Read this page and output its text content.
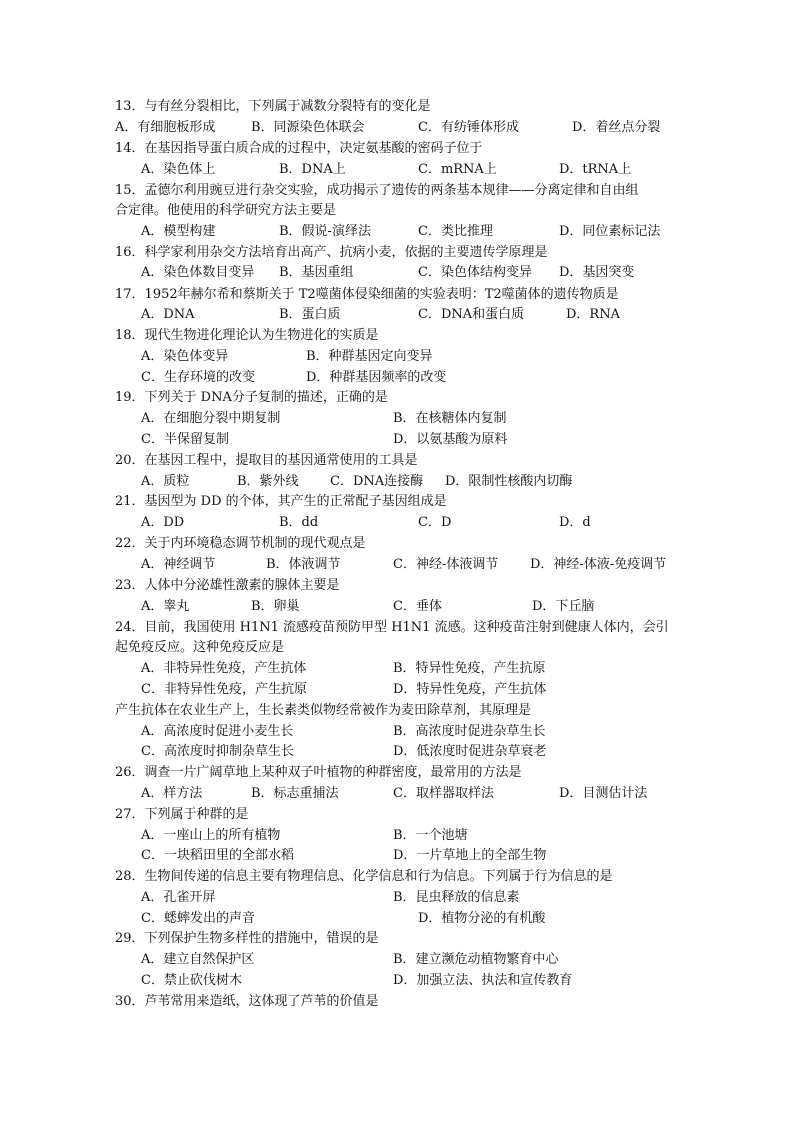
13．与有丝分裂相比，下列属于减数分裂特有的变化是
A．有细胞板形成	B．同源染色体联会	C．有纺锤体形成	D．着丝点分裂
14．在基因指导蛋白质合成的过程中，决定氨基酸的密码子位于
A．染色体上	B．DNA上	C．mRNA上	D．tRNA上
15．孟德尔利用豌豆进行杂交实验，成功揭示了遗传的两条基本规律——分离定律和自由组
合定律。他使用的科学研究方法主要是
A．模型构建	B．假说-演绎法	C．类比推理	D．同位素标记法
16．科学家利用杂交方法培育出高产、抗病小麦，依据的主要遗传学原理是
A．染色体数目变异 B．基因重组	C．染色体结构变异 D．基因突变
17．1952年赫尔希和蔡斯关于 T2噬菌体侵染细菌的实验表明：T2噬菌体的遗传物质是
A．DNA	B．蛋白质	C．DNA和蛋白质	D．RNA
18．现代生物进化理论认为生物进化的实质是
A．染色体变异	B．种群基因定向变异
C．生存环境的改变	D．种群基因频率的改变
19．下列关于 DNA分子复制的描述，正确的是
A．在细胞分裂中期复制	B．在核糖体内复制
C．半保留复制	D．以氨基酸为原料
20．在基因工程中，提取目的基因通常使用的工具是
A．质粒	B．紫外线 C．DNA连接酶 D．限制性核酸内切酶
21．基因型为 DD 的个体，其产生的正常配子基因组成是
A．DD	B．dd	C．D	D．d
22．关于内环境稳态调节机制的现代观点是
A．神经调节	B．体液调节	C．神经-体液调节 D．神经-体液-免疫调节
23．人体中分泌雄性激素的腺体主要是
A．睾丸	B．卵巢	C．垂体	D．下丘脑
24．目前，我国使用 H1N1 流感疫苗预防甲型 H1N1 流感。这种疫苗注射到健康人体内，会引
起免疫反应。这种免疫反应是
A．非特异性免疫，产生抗体	B．特异性免疫，产生抗原
C．非特异性免疫，产生抗原	D．特异性免疫，产生抗体
产生抗体在农业生产上，生长素类似物经常被作为麦田除草剂，其原理是
A．高浓度时促进小麦生长	B．高浓度时促进杂草生长
C．高浓度时抑制杂草生长	D．低浓度时促进杂草衰老
26．调查一片广阔草地上某种双子叶植物的种群密度，最常用的方法是
A．样方法	B．标志重捕法	C．取样器取样法	D．目测估计法
27．下列属于种群的是
A．一座山上的所有植物	B．一个池塘
C．一块稻田里的全部水稻	D．一片草地上的全部生物
28．生物间传递的信息主要有物理信息、化学信息和行为信息。下列属于行为信息的是
A．孔雀开屏	B．昆虫释放的信息素
C．蟋蟀发出的声音	D．植物分泌的有机酸
29．下列保护生物多样性的措施中，错误的是
A．建立自然保护区	B．建立濒危动植物繁育中心
C．禁止砍伐树木	D．加强立法、执法和宣传教育
30．芦苇常用来造纸，这体现了芦苇的价值是
